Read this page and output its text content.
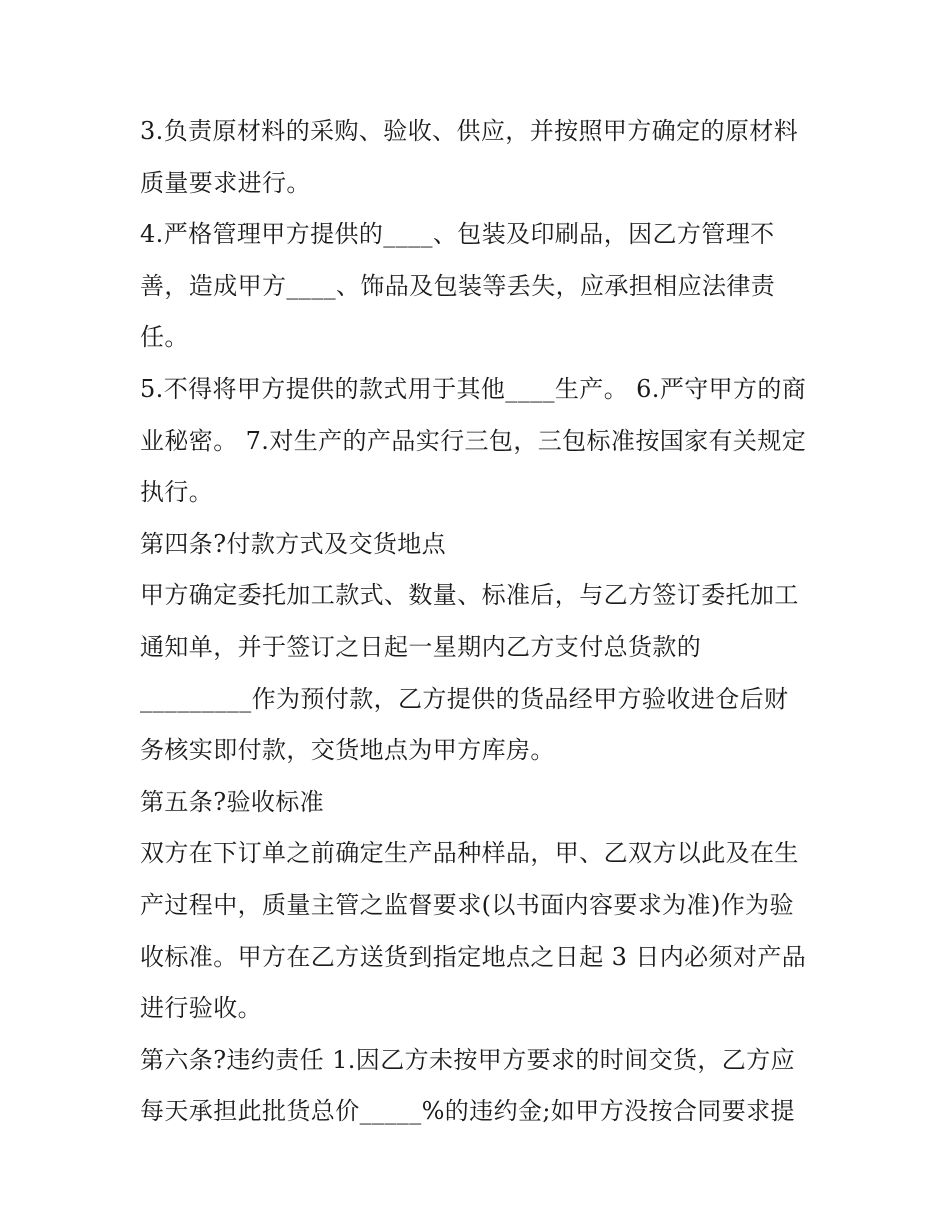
3.负责原材料的采购、验收、供应，并按照甲方确定的原材料
质量要求进行。
4.严格管理甲方提供的____、包装及印刷品，因乙方管理不
善，造成甲方____、饰品及包装等丢失，应承担相应法律责
任。
5.不得将甲方提供的款式用于其他____生产。 6.严守甲方的商
业秘密。 7.对生产的产品实行三包，三包标准按国家有关规定
执行。
第四条?付款方式及交货地点
甲方确定委托加工款式、数量、标准后，与乙方签订委托加工
通知单，并于签订之日起一星期内乙方支付总货款的
_________作为预付款，乙方提供的货品经甲方验收进仓后财
务核实即付款，交货地点为甲方库房。
第五条?验收标准
双方在下订单之前确定生产品种样品，甲、乙双方以此及在生
产过程中，质量主管之监督要求(以书面内容要求为准)作为验
收标准。甲方在乙方送货到指定地点之日起 3 日内必须对产品
进行验收。
第六条?违约责任 1.因乙方未按甲方要求的时间交货，乙方应
每天承担此批货总价_____%的违约金;如甲方没按合同要求提
